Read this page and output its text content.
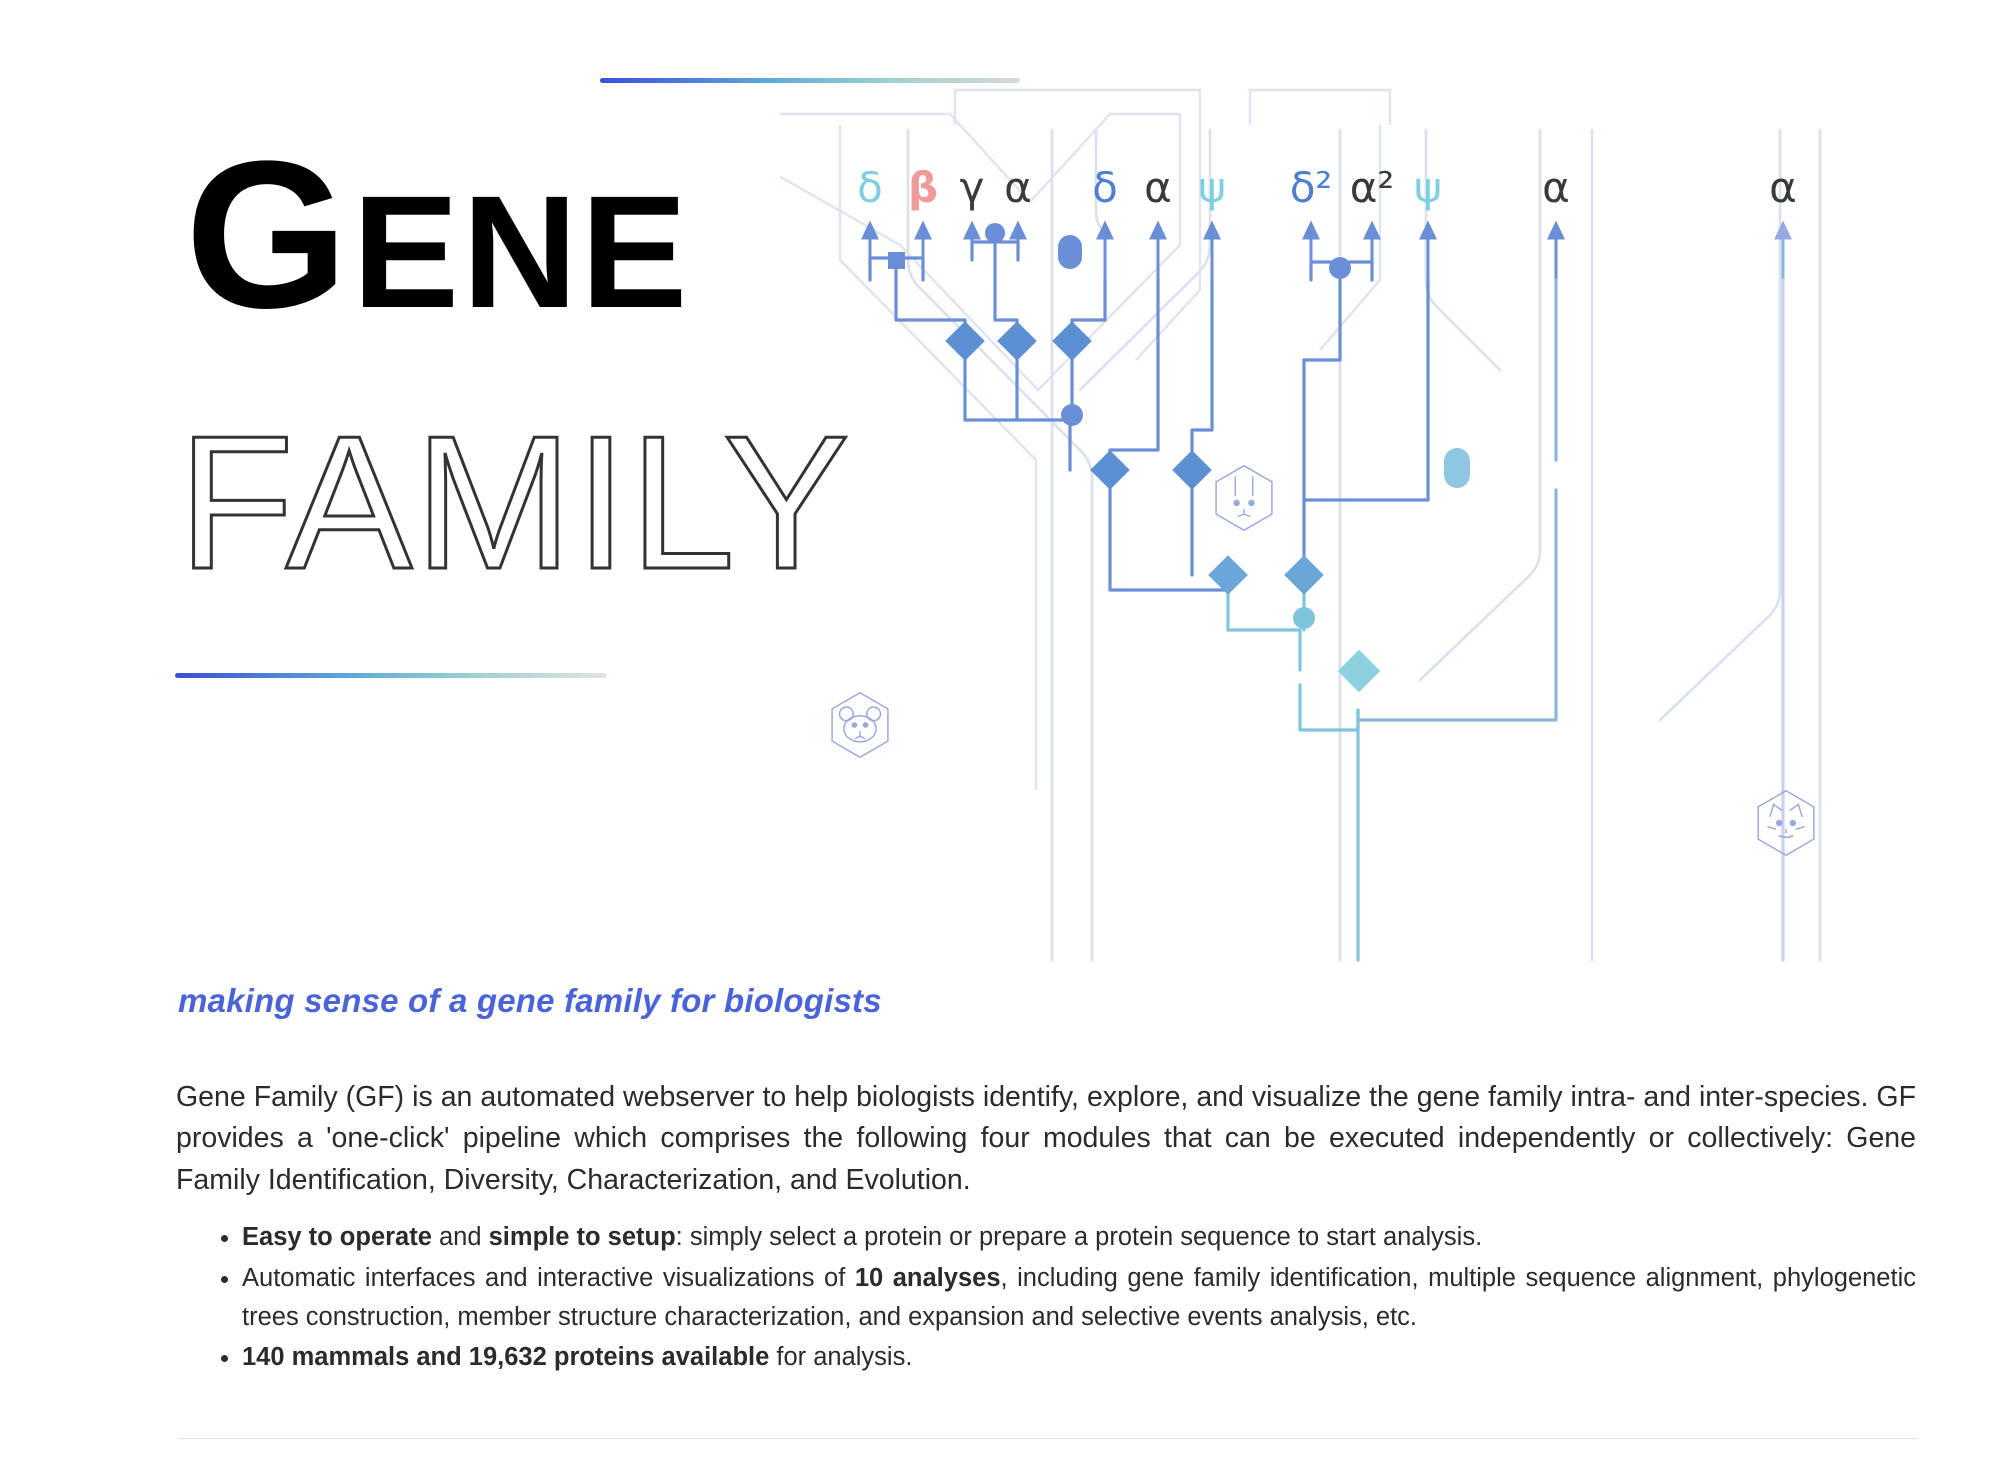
GENE
FAMILY
δ β γ α δ α ψ δ² α² ψ α	α
making sense of a gene family for biologists

Gene Family (GF) is an automated webserver to help biologists identify, explore, and visualize the gene family intra- and inter-species. GF provides a 'one-click' pipeline which comprises the following four modules that can be executed independently or collectively: Gene Family Identification, Diversity, Characterization, and Evolution.

• Easy to operate and simple to setup: simply select a protein or prepare a protein sequence to start analysis.
• Automatic interfaces and interactive visualizations of 10 analyses, including gene family identification, multiple sequence alignment, phylogenetic trees construction, member structure characterization, and expansion and selective events analysis, etc.
• 140 mammals and 19,632 proteins available for analysis.
